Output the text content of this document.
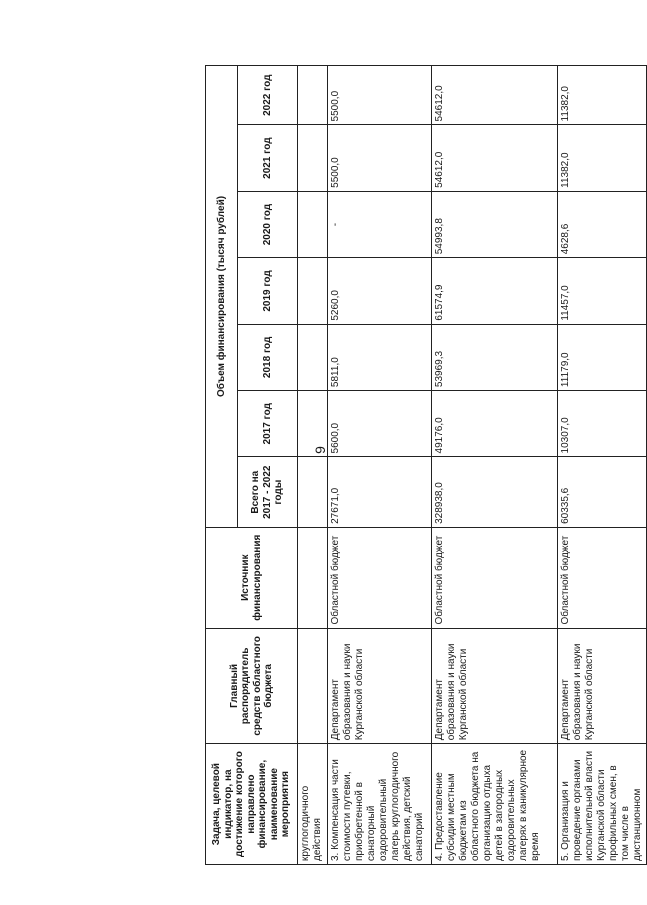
9
Задача, целевой индикатор, на достижение которого направлено финансирование, наименование мероприятия	Главный распорядитель средств областного бюджета	Источник финансирования	Объем финансирования (тысяч рублей)						
			Всего на 2017 - 2022 годы	2017 год	2018 год	2019 год	2020 год	2021 год	2022 год
круглогодичного действия									
3. Компенсация части стоимости путевки, приобретенной в санаторный оздоровительный лагерь круглогодичного действия, детский санаторий	Департамент образования и науки Курганской области	Областной бюджет	27671,0	5600,0	5811,0	5260,0	-	5500,0	5500,0
4. Предоставление субсидии местным бюджетам из областного бюджета на организацию отдыха детей в загородных оздоровительных лагерях в каникулярное время	Департамент образования и науки Курганской области	Областной бюджет	328938,0	49176,0	53969,3	61574,9	54993,8	54612,0	54612,0
5. Организация и проведение органами исполнительной власти Курганской области профильных смен, в том числе в дистанционном	Департамент образования и науки Курганской области	Областной бюджет	60335,6	10307,0	11179,0	11457,0	4628,6	11382,0	11382,0
